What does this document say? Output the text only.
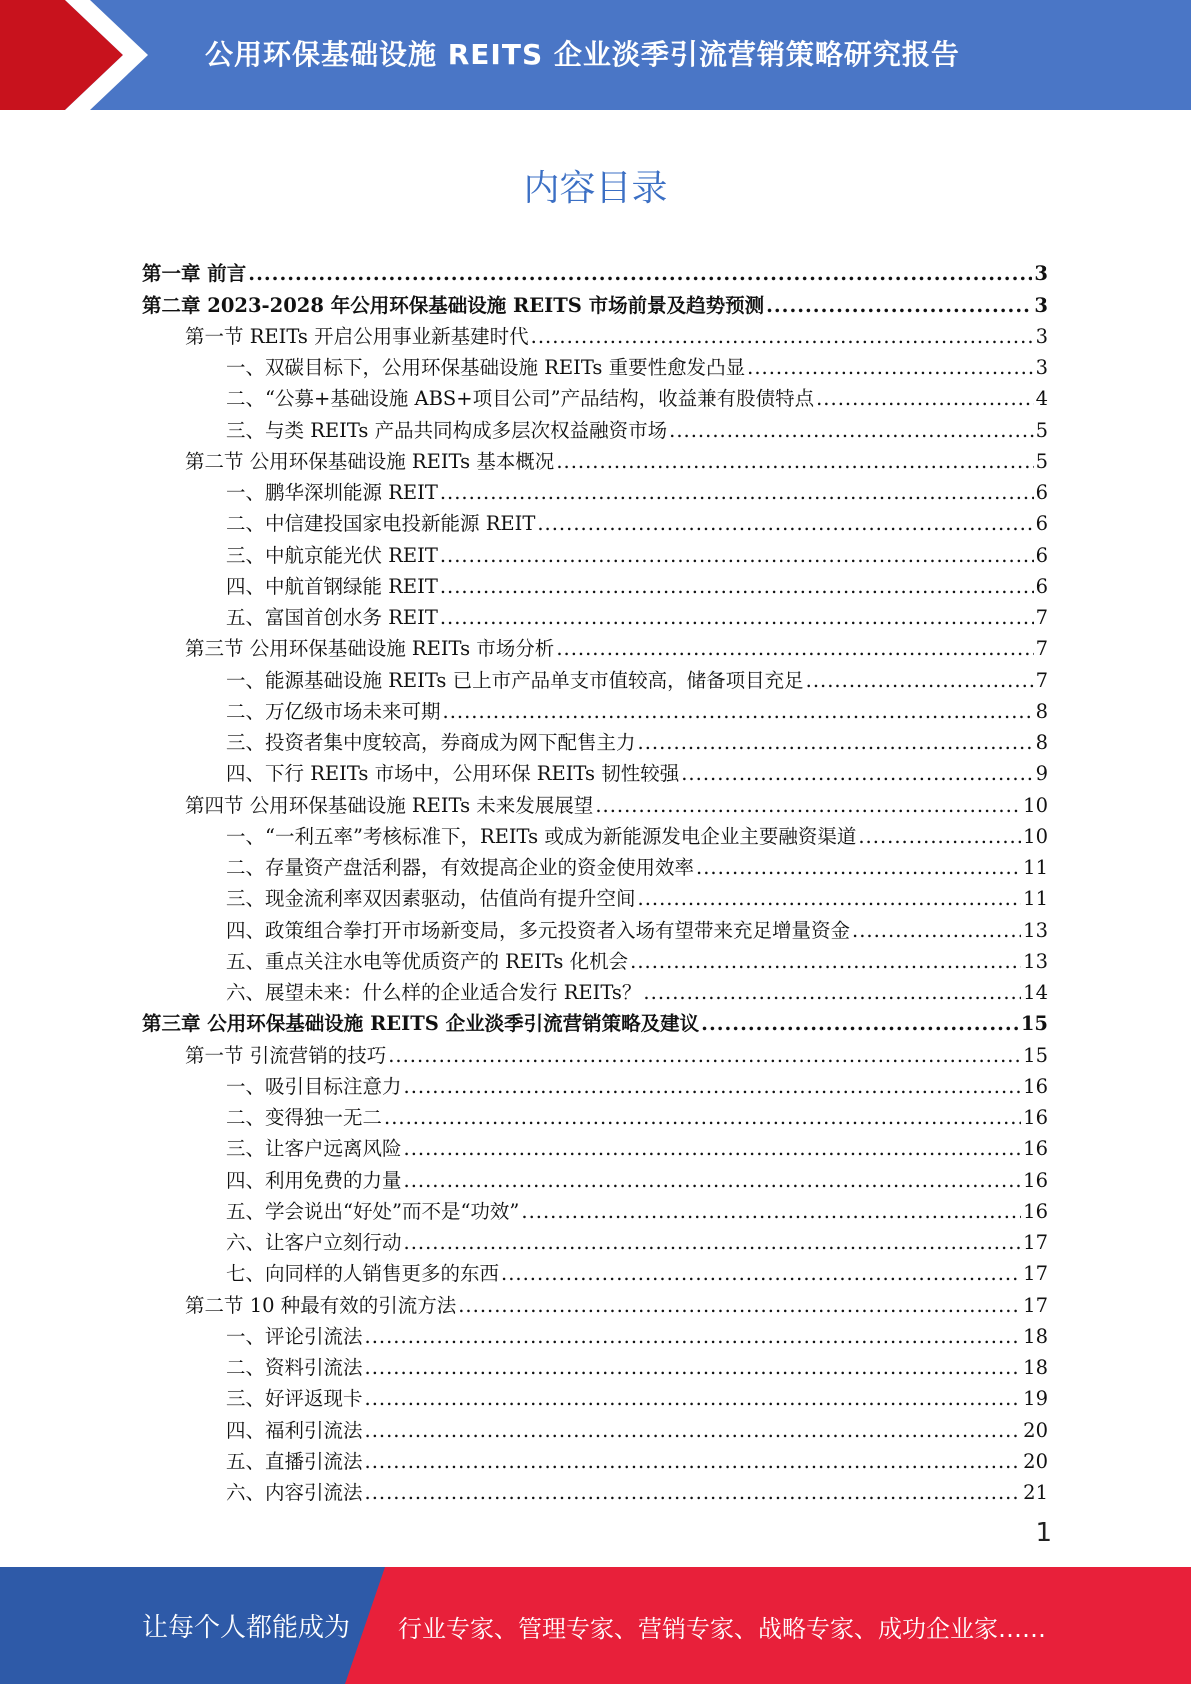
公用环保基础设施 REITS 企业淡季引流营销策略研究报告
内容目录
第一章 前言 .....	3
第二章 2023-2028 年公用环保基础设施 REITS 市场前景及趋势预测 .....	3
第一节 REITs 开启公用事业新基建时代 .....	3
一、双碳目标下，公用环保基础设施 REITs 重要性愈发凸显 .....	3
二、“公募+基础设施 ABS+项目公司”产品结构，收益兼有股债特点 .....	4
三、与类 REITs 产品共同构成多层次权益融资市场 .....	5
第二节 公用环保基础设施 REITs 基本概况 .....	5
一、鹏华深圳能源 REIT .....	6
二、中信建投国家电投新能源 REIT .....	6
三、中航京能光伏 REIT .....	6
四、中航首钢绿能 REIT .....	6
五、富国首创水务 REIT .....	7
第三节 公用环保基础设施 REITs 市场分析 .....	7
一、能源基础设施 REITs 已上市产品单支市值较高，储备项目充足 .....	7
二、万亿级市场未来可期 .....	8
三、投资者集中度较高，券商成为网下配售主力 .....	8
四、下行 REITs 市场中，公用环保 REITs 韧性较强 .....	9
第四节 公用环保基础设施 REITs 未来发展展望 .....	10
一、“一利五率”考核标准下，REITs 或成为新能源发电企业主要融资渠道 .....	10
二、存量资产盘活利器，有效提高企业的资金使用效率 .....	11
三、现金流利率双因素驱动，估值尚有提升空间 .....	11
四、政策组合拳打开市场新变局，多元投资者入场有望带来充足增量资金 .....	13
五、重点关注水电等优质资产的 REITs 化机会 .....	13
六、展望未来：什么样的企业适合发行 REITs？ .....	14
第三章 公用环保基础设施 REITS 企业淡季引流营销策略及建议 .....	15
第一节 引流营销的技巧 .....	15
一、吸引目标注意力 .....	16
二、变得独一无二 .....	16
三、让客户远离风险 .....	16
四、利用免费的力量 .....	16
五、学会说出“好处”而不是“功效” .....	16
六、让客户立刻行动 .....	17
七、向同样的人销售更多的东西 .....	17
第二节 10 种最有效的引流方法 .....	17
一、评论引流法 .....	18
二、资料引流法 .....	18
三、好评返现卡 .....	19
四、福利引流法 .....	20
五、直播引流法 .....	20
六、内容引流法 .....	21
1
让每个人都能成为 行业专家、管理专家、营销专家、战略专家、成功企业家……
